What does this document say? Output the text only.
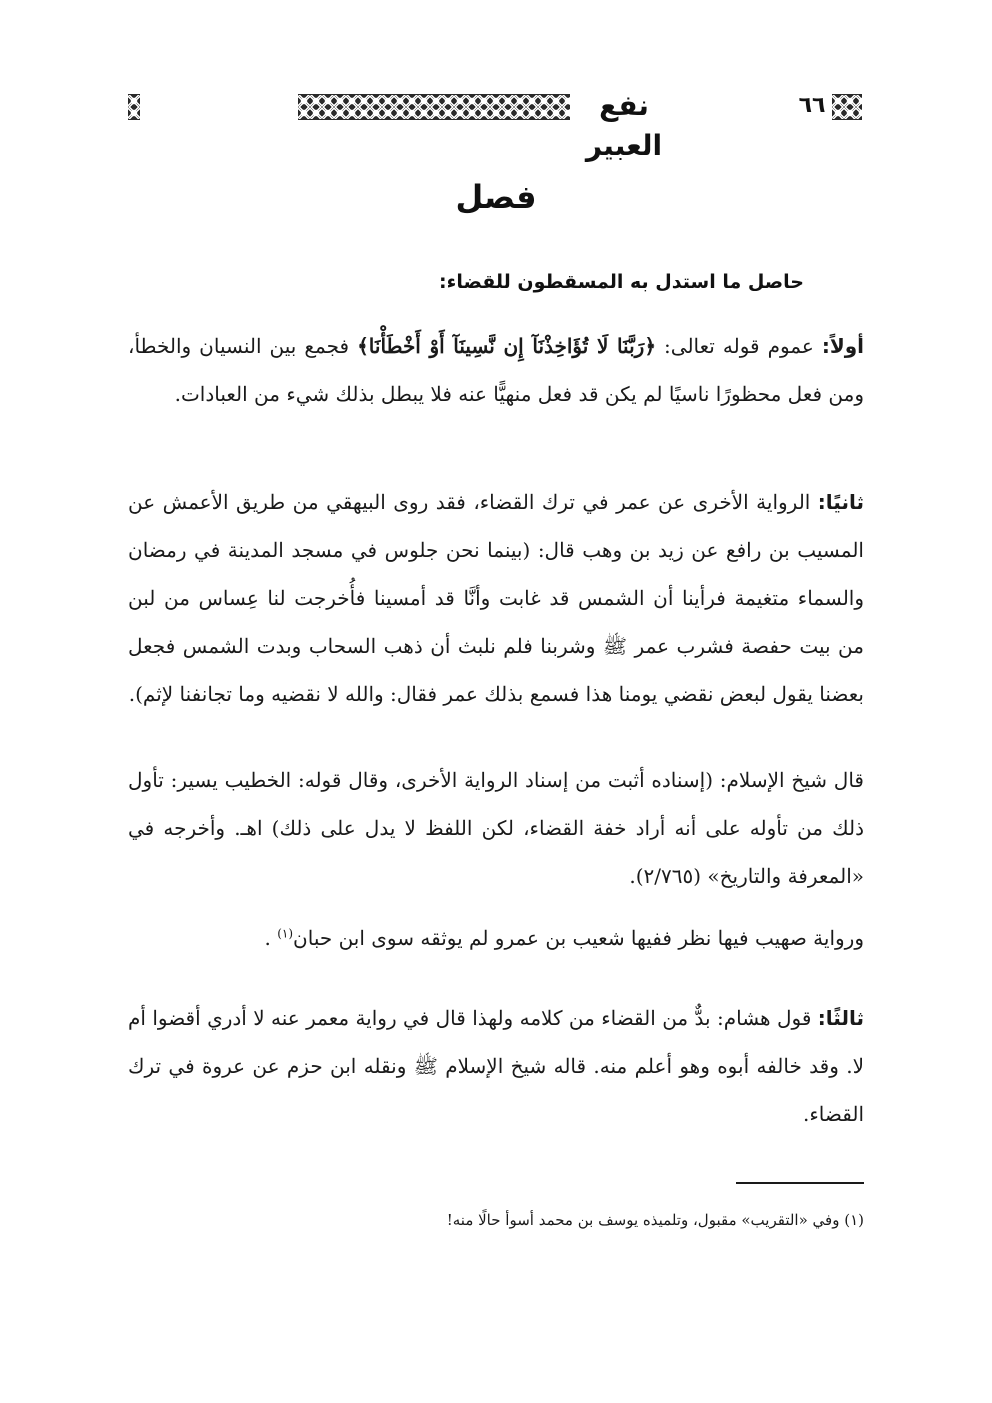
نفع العبير
٦٦
فصل
حاصل ما استدل به المسقطون للقضاء:

أولاً: عموم قوله تعالى: ﴿رَبَّنَا لَا تُؤَاخِذْنَآ إِن نَّسِينَآ أَوْ أَخْطَأْنَا﴾ فجمع بين النسيان والخطأ، ومن فعل محظورًا ناسيًا لم يكن قد فعل منهيًّا عنه فلا يبطل بذلك شيء من العبادات.

ثانيًا: الرواية الأخرى عن عمر في ترك القضاء، فقد روى البيهقي من طريق الأعمش عن المسيب بن رافع عن زيد بن وهب قال: (بينما نحن جلوس في مسجد المدينة في رمضان والسماء متغيمة فرأينا أن الشمس قد غابت وأنَّا قد أمسينا فأُخرجت لنا عِساس من لبن من بيت حفصة فشرب عمر ﷺ وشربنا فلم نلبث أن ذهب السحاب وبدت الشمس فجعل بعضنا يقول لبعض نقضي يومنا هذا فسمع بذلك عمر فقال: والله لا نقضيه وما تجانفنا لإثم).

قال شيخ الإسلام: (إسناده أثبت من إسناد الرواية الأخرى، وقال قوله: الخطيب يسير: تأول ذلك من تأوله على أنه أراد خفة القضاء، لكن اللفظ لا يدل على ذلك) اهـ. وأخرجه في «المعرفة والتاريخ» (٢/٧٦٥).

ورواية صهيب فيها نظر ففيها شعيب بن عمرو لم يوثقه سوى ابن حبان$^{(١)}$ .

ثالثًا: قول هشام: بدٌّ من القضاء من كلامه ولهذا قال في رواية معمر عنه لا أدري أقضوا أم لا. وقد خالفه أبوه وهو أعلم منه. قاله شيخ الإسلام ﷺ ونقله ابن حزم عن عروة في ترك القضاء.

(١) وفي «التقريب» مقبول، وتلميذه يوسف بن محمد أسوأ حالًا منه!
